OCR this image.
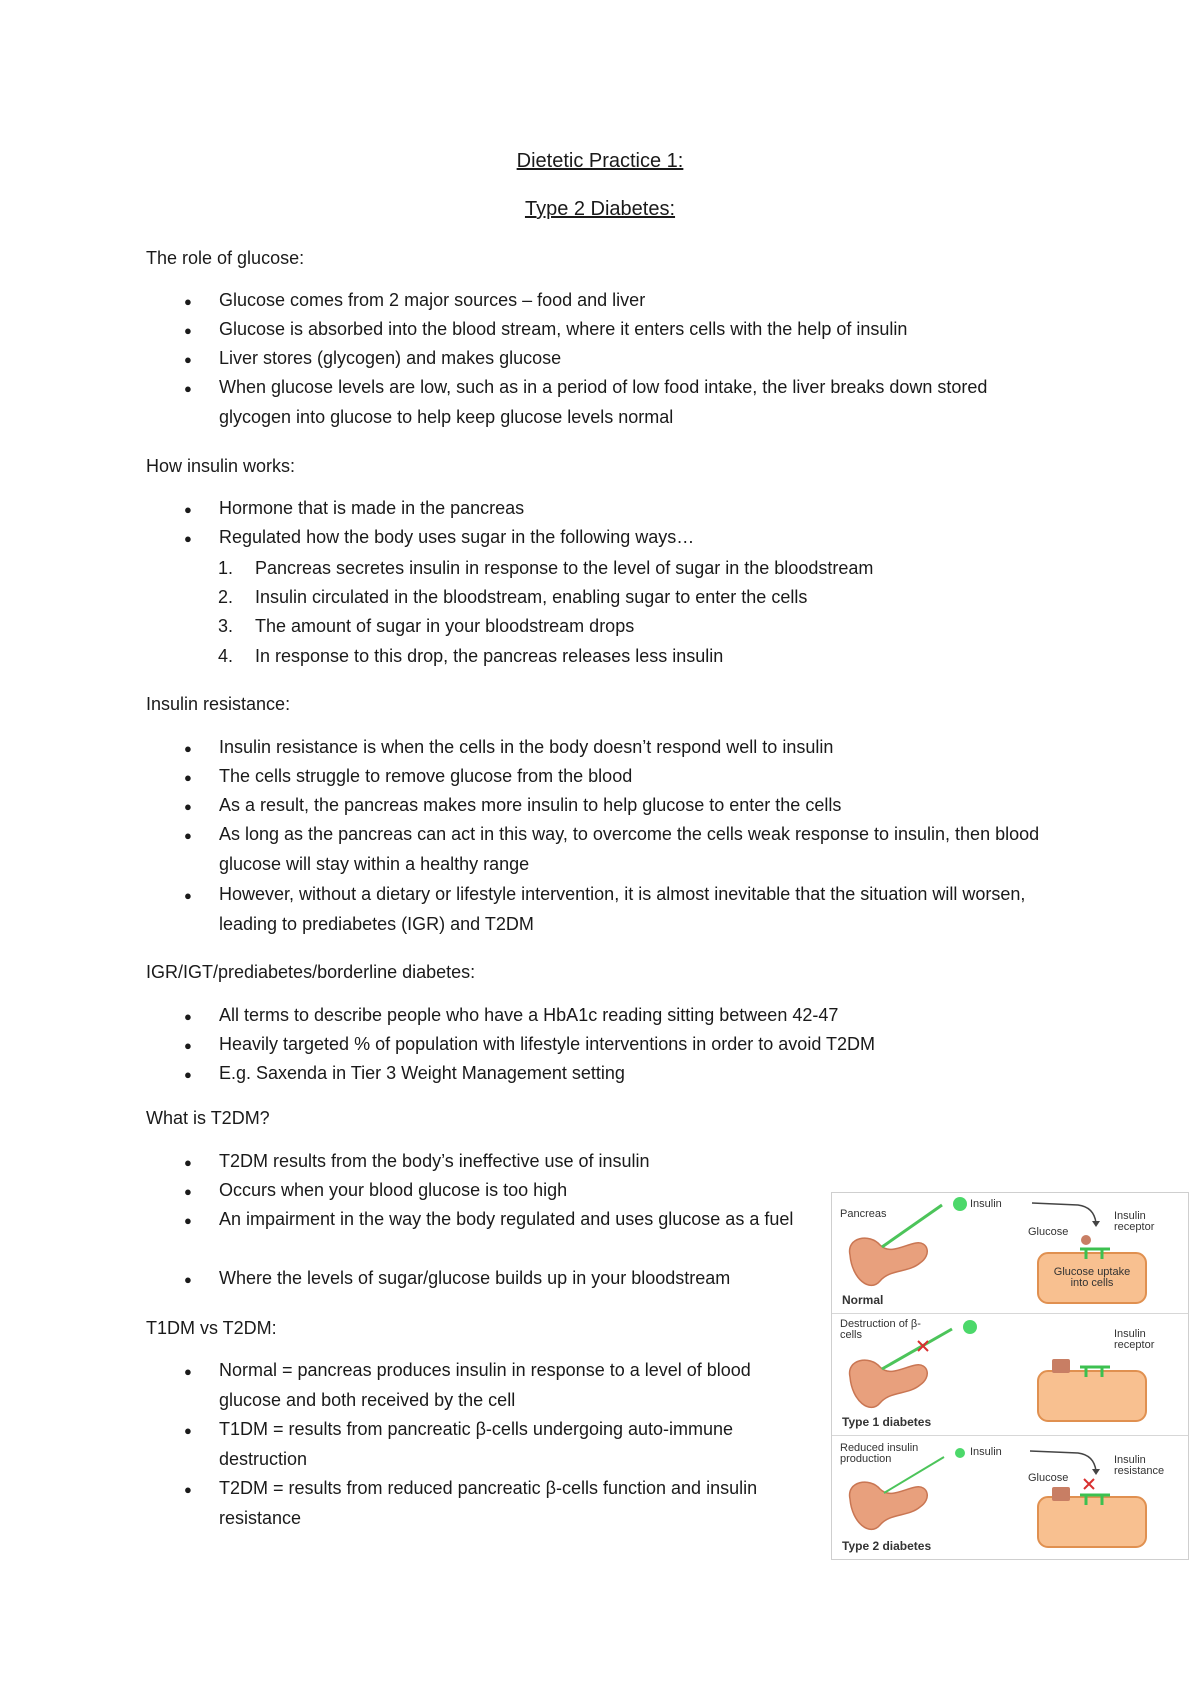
Dietetic Practice 1:
Type 2 Diabetes:
The role of glucose:
● Glucose comes from 2 major sources – food and liver
● Glucose is absorbed into the blood stream, where it enters cells with the help of insulin
● Liver stores (glycogen) and makes glucose
● When glucose levels are low, such as in a period of low food intake, the liver breaks down stored glycogen into glucose to help keep glucose levels normal
How insulin works:
● Hormone that is made in the pancreas
● Regulated how the body uses sugar in the following ways…
1. Pancreas secretes insulin in response to the level of sugar in the bloodstream
2. Insulin circulated in the bloodstream, enabling sugar to enter the cells
3. The amount of sugar in your bloodstream drops
4. In response to this drop, the pancreas releases less insulin
Insulin resistance:
● Insulin resistance is when the cells in the body doesn’t respond well to insulin
● The cells struggle to remove glucose from the blood
● As a result, the pancreas makes more insulin to help glucose to enter the cells
● As long as the pancreas can act in this way, to overcome the cells weak response to insulin, then blood glucose will stay within a healthy range
● However, without a dietary or lifestyle intervention, it is almost inevitable that the situation will worsen, leading to prediabetes (IGR) and T2DM
IGR/IGT/prediabetes/borderline diabetes:
● All terms to describe people who have a HbA1c reading sitting between 42-47
● Heavily targeted % of population with lifestyle interventions in order to avoid T2DM
● E.g. Saxenda in Tier 3 Weight Management setting
What is T2DM?
● T2DM results from the body’s ineffective use of insulin
● Occurs when your blood glucose is too high
● An impairment in the way the body regulated and uses glucose as a fuel
● Where the levels of sugar/glucose builds up in your bloodstream
T1DM vs T2DM:
● Normal = pancreas produces insulin in response to a level of blood glucose and both received by the cell
● T1DM = results from pancreatic β-cells undergoing auto-immune destruction
● T2DM = results from reduced pancreatic β-cells function and insulin resistance
Pancreas
Insulin
Glucose
Insulin receptor
Glucose uptake into cells
Normal
Destruction of β-cells	Insulin receptor
Type 1 diabetes
Reduced insulin production
Insulin
Glucose
Insulin resistance
Type 2 diabetes
